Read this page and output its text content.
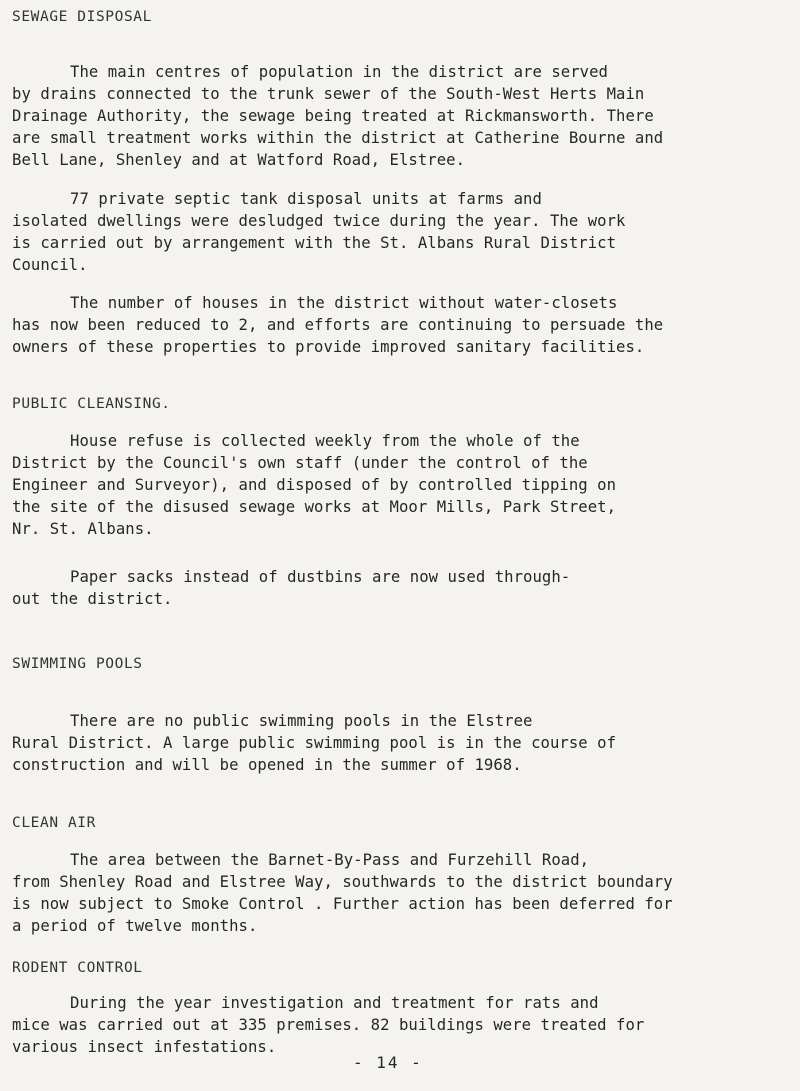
SEWAGE DISPOSAL

The main centres of population in the district are served
by drains connected to the trunk sewer of the South-West Herts Main
Drainage Authority, the sewage being treated at Rickmansworth. There
are small treatment works within the district at Catherine Bourne and
Bell Lane, Shenley and at Watford Road, Elstree.

77 private septic tank disposal units at farms and
isolated dwellings were desludged twice during the year. The work
is carried out by arrangement with the St. Albans Rural District
Council.

The number of houses in the district without water-closets
has now been reduced to 2, and efforts are continuing to persuade the
owners of these properties to provide improved sanitary facilities.

PUBLIC CLEANSING.

House refuse is collected weekly from the whole of the
District by the Council's own staff (under the control of the
Engineer and Surveyor), and disposed of by controlled tipping on
the site of the disused sewage works at Moor Mills, Park Street,
Nr. St. Albans.

Paper sacks instead of dustbins are now used through-
out the district.

SWIMMING POOLS

There are no public swimming pools in the Elstree
Rural District. A large public swimming pool is in the course of
construction and will be opened in the summer of 1968.

CLEAN AIR

The area between the Barnet-By-Pass and Furzehill Road,
from Shenley Road and Elstree Way, southwards to the district boundary
is now subject to Smoke Control . Further action has been deferred for
a period of twelve months.

RODENT CONTROL

During the year investigation and treatment for rats and
mice was carried out at 335 premises. 82 buildings were treated for
various insect infestations.

- 14 -
